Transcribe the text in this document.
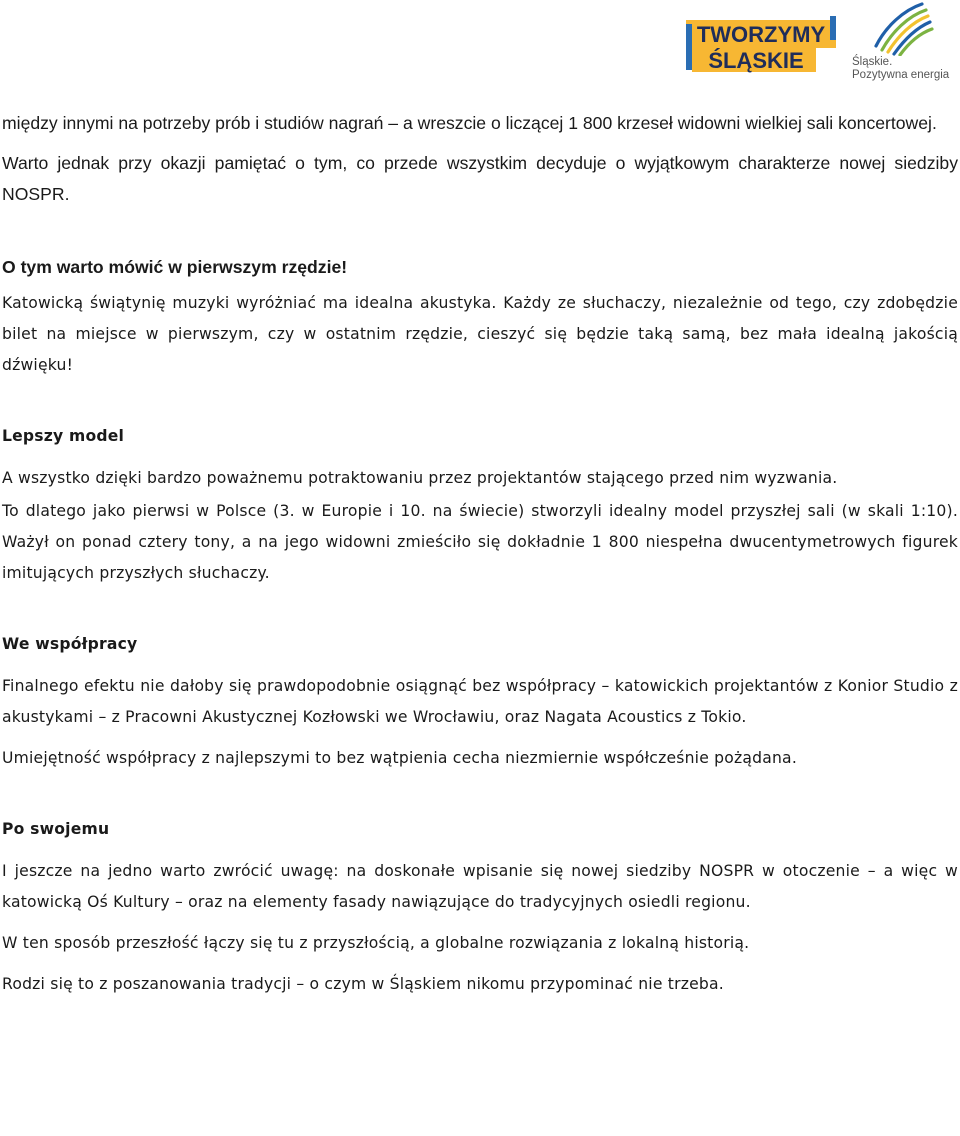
TWORZYMY
ŚLĄSKIE	Śląskie.
Pozytywna energia

między innymi na potrzeby prób i studiów nagrań – a wreszcie o liczącej 1 800 krzeseł widowni wielkiej sali koncertowej.

Warto jednak przy okazji pamiętać o tym, co przede wszystkim decyduje o wyjątkowym charakterze nowej siedziby NOSPR.

O tym warto mówić w pierwszym rzędzie!

Katowicką świątynię muzyki wyróżniać ma idealna akustyka. Każdy ze słuchaczy, niezależnie od tego, czy zdobędzie bilet na miejsce w pierwszym, czy w ostatnim rzędzie, cieszyć się będzie taką samą, bez mała idealną jakością dźwięku!

Lepszy model

A wszystko dzięki bardzo poważnemu potraktowaniu przez projektantów stającego przed nim wyzwania.

To dlatego jako pierwsi w Polsce (3. w Europie i 10. na świecie) stworzyli idealny model przyszłej sali (w skali 1:10). Ważył on ponad cztery tony, a na jego widowni zmieściło się dokładnie 1 800 niespełna dwucentymetrowych figurek imitujących przyszłych słuchaczy.

We współpracy

Finalnego efektu nie dałoby się prawdopodobnie osiągnąć bez współpracy – katowickich projektantów z Konior Studio z akustykami – z Pracowni Akustycznej Kozłowski we Wrocławiu, oraz Nagata Acoustics z Tokio.

Umiejętność współpracy z najlepszymi to bez wątpienia cecha niezmiernie współcześnie pożądana.

Po swojemu

I jeszcze na jedno warto zwrócić uwagę: na doskonałe wpisanie się nowej siedziby NOSPR w otoczenie – a więc w katowicką Oś Kultury – oraz na elementy fasady nawiązujące do tradycyjnych osiedli regionu.

W ten sposób przeszłość łączy się tu z przyszłością, a globalne rozwiązania z lokalną historią.

Rodzi się to z poszanowania tradycji – o czym w Śląskiem nikomu przypominać nie trzeba.
